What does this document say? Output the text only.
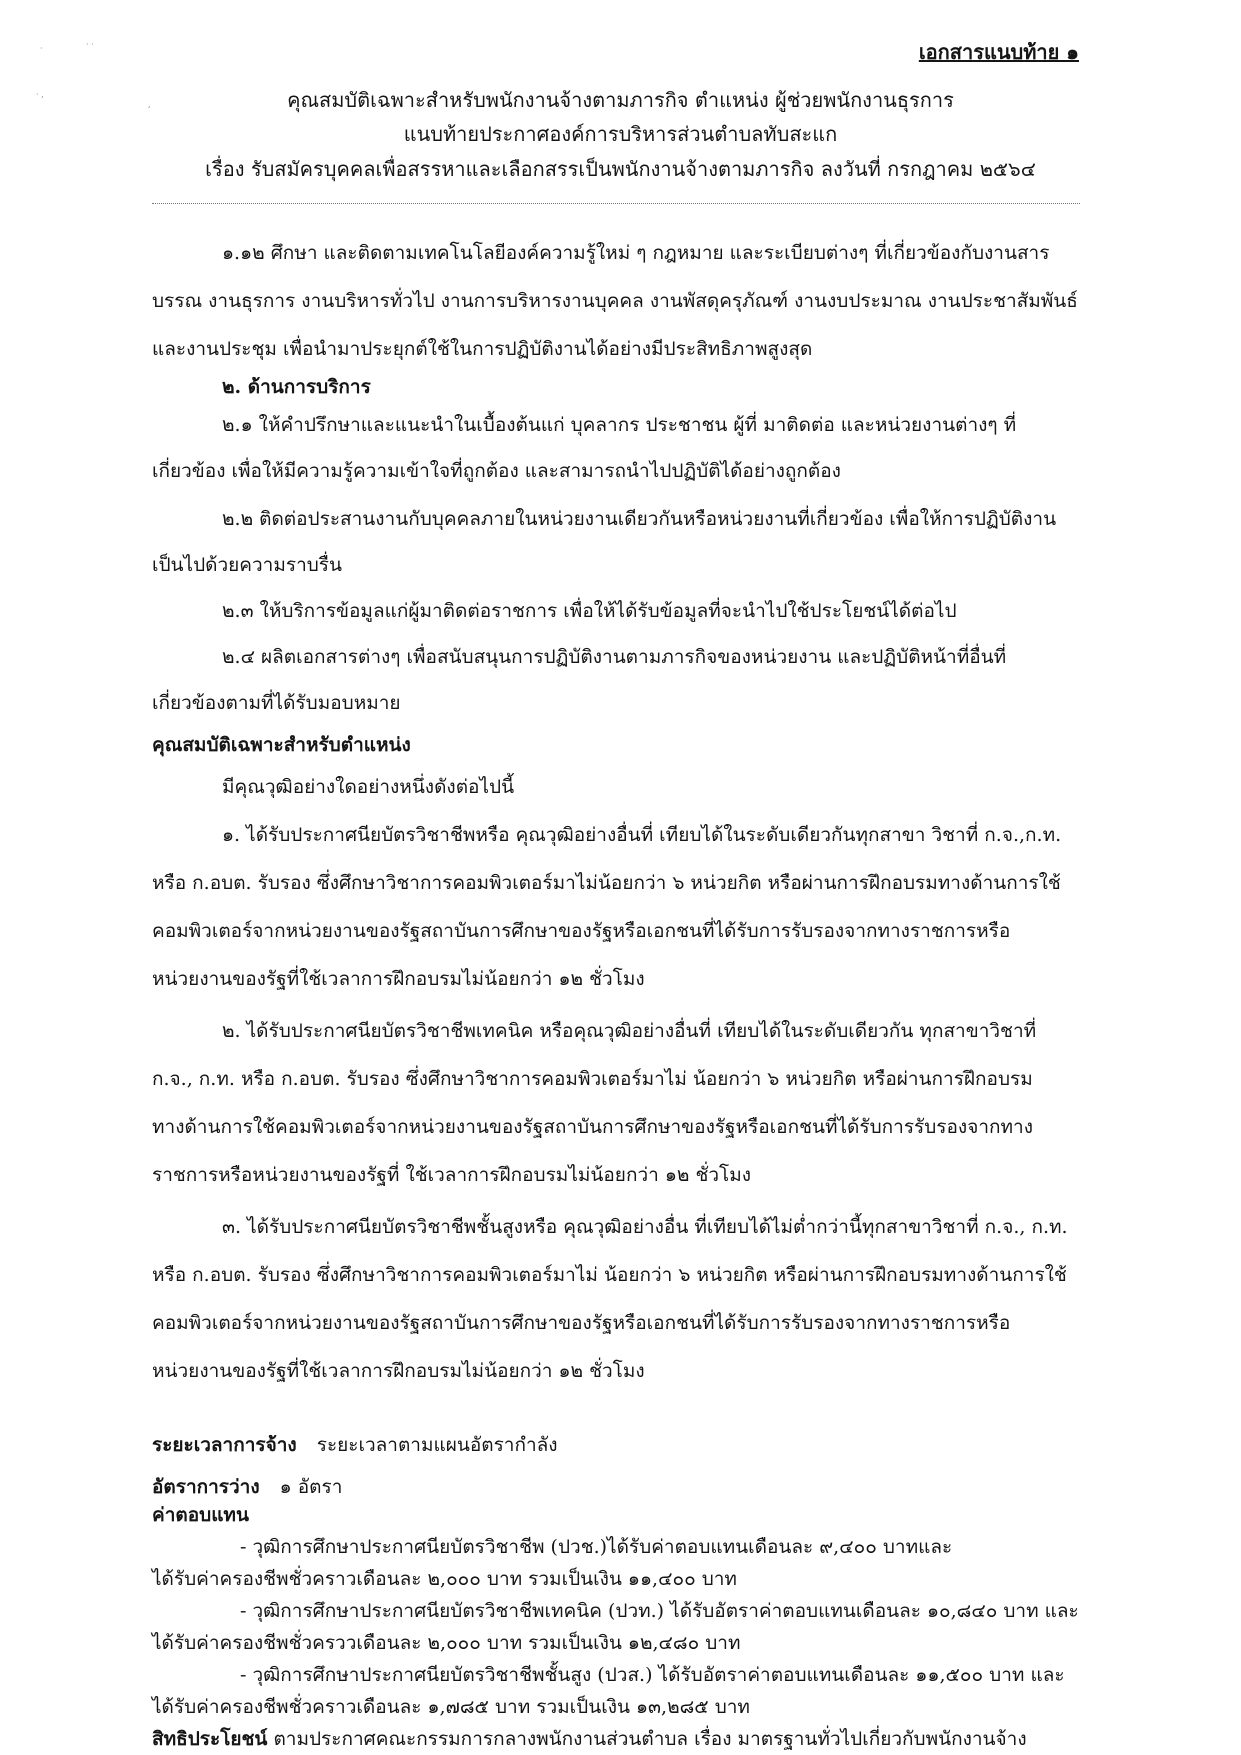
·	· ·
· ,
,
เอกสารแนบท้าย ๑
คุณสมบัติเฉพาะสำหรับพนักงานจ้างตามภารกิจ ตำแหน่ง ผู้ช่วยพนักงานธุรการ
แนบท้ายประกาศองค์การบริหารส่วนตำบลทับสะแก
เรื่อง รับสมัครบุคคลเพื่อสรรหาและเลือกสรรเป็นพนักงานจ้างตามภารกิจ ลงวันที่ กรกฎาคม ๒๕๖๔
๑.๑๒ ศึกษา และติดตามเทคโนโลยีองค์ความรู้ใหม่ ๆ กฎหมาย และระเบียบต่างๆ ที่เกี่ยวข้องกับงานสาร
บรรณ งานธุรการ งานบริหารทั่วไป งานการบริหารงานบุคคล งานพัสดุครุภัณฑ์ งานงบประมาณ งานประชาสัมพันธ์
และงานประชุม เพื่อนำมาประยุกต์ใช้ในการปฏิบัติงานได้อย่างมีประสิทธิภาพสูงสุด
๒. ด้านการบริการ
๒.๑ ให้คำปรึกษาและแนะนำในเบื้องต้นแก่ บุคลากร ประชาชน ผู้ที่ มาติดต่อ และหน่วยงานต่างๆ ที่
เกี่ยวข้อง เพื่อให้มีความรู้ความเข้าใจที่ถูกต้อง และสามารถนำไปปฏิบัติได้อย่างถูกต้อง
๒.๒ ติดต่อประสานงานกับบุคคลภายในหน่วยงานเดียวกันหรือหน่วยงานที่เกี่ยวข้อง เพื่อให้การปฏิบัติงาน
เป็นไปด้วยความราบรื่น
๒.๓ ให้บริการข้อมูลแก่ผู้มาติดต่อราชการ เพื่อให้ได้รับข้อมูลที่จะนำไปใช้ประโยชน์ได้ต่อไป
๒.๔ ผลิตเอกสารต่างๆ เพื่อสนับสนุนการปฏิบัติงานตามภารกิจของหน่วยงาน และปฏิบัติหน้าที่อื่นที่
เกี่ยวข้องตามที่ได้รับมอบหมาย
คุณสมบัติเฉพาะสำหรับตำแหน่ง
มีคุณวุฒิอย่างใดอย่างหนึ่งดังต่อไปนี้
๑. ได้รับประกาศนียบัตรวิชาชีพหรือ คุณวุฒิอย่างอื่นที่ เทียบได้ในระดับเดียวกันทุกสาขา วิชาที่ ก.จ.,ก.ท.
หรือ ก.อบต. รับรอง ซึ่งศึกษาวิชาการคอมพิวเตอร์มาไม่น้อยกว่า ๖ หน่วยกิต หรือผ่านการฝึกอบรมทางด้านการใช้
คอมพิวเตอร์จากหน่วยงานของรัฐสถาบันการศึกษาของรัฐหรือเอกชนที่ได้รับการรับรองจากทางราชการหรือ
หน่วยงานของรัฐที่ใช้เวลาการฝึกอบรมไม่น้อยกว่า ๑๒ ชั่วโมง
๒. ได้รับประกาศนียบัตรวิชาชีพเทคนิค หรือคุณวุฒิอย่างอื่นที่ เทียบได้ในระดับเดียวกัน ทุกสาขาวิชาที่
ก.จ., ก.ท. หรือ ก.อบต. รับรอง ซึ่งศึกษาวิชาการคอมพิวเตอร์มาไม่ น้อยกว่า ๖ หน่วยกิต หรือผ่านการฝึกอบรม
ทางด้านการใช้คอมพิวเตอร์จากหน่วยงานของรัฐสถาบันการศึกษาของรัฐหรือเอกชนที่ได้รับการรับรองจากทาง
ราชการหรือหน่วยงานของรัฐที่ ใช้เวลาการฝึกอบรมไม่น้อยกว่า ๑๒ ชั่วโมง
๓. ได้รับประกาศนียบัตรวิชาชีพชั้นสูงหรือ คุณวุฒิอย่างอื่น ที่เทียบได้ไม่ต่ำกว่านี้ทุกสาขาวิชาที่ ก.จ., ก.ท.
หรือ ก.อบต. รับรอง ซึ่งศึกษาวิชาการคอมพิวเตอร์มาไม่ น้อยกว่า ๖ หน่วยกิต หรือผ่านการฝึกอบรมทางด้านการใช้
คอมพิวเตอร์จากหน่วยงานของรัฐสถาบันการศึกษาของรัฐหรือเอกชนที่ได้รับการรับรองจากทางราชการหรือ
หน่วยงานของรัฐที่ใช้เวลาการฝึกอบรมไม่น้อยกว่า ๑๒ ชั่วโมง
ระยะเวลาการจ้าง ระยะเวลาตามแผนอัตรากำลัง
อัตราการว่าง ๑ อัตรา
ค่าตอบแทน
- วุฒิการศึกษาประกาศนียบัตรวิชาชีพ (ปวช.)ได้รับค่าตอบแทนเดือนละ ๙,๔๐๐ บาทและ
ได้รับค่าครองชีพชั่วคราวเดือนละ ๒,๐๐๐ บาท รวมเป็นเงิน ๑๑,๔๐๐ บาท
- วุฒิการศึกษาประกาศนียบัตรวิชาชีพเทคนิค (ปวท.) ได้รับอัตราค่าตอบแทนเดือนละ ๑๐,๘๔๐ บาท และ
ได้รับค่าครองชีพชั่วครววเดือนละ ๒,๐๐๐ บาท รวมเป็นเงิน ๑๒,๔๘๐ บาท
- วุฒิการศึกษาประกาศนียบัตรวิชาชีพชั้นสูง (ปวส.) ได้รับอัตราค่าตอบแทนเดือนละ ๑๑,๕๐๐ บาท และ
ได้รับค่าครองชีพชั่วคราวเดือนละ ๑,๗๘๕ บาท รวมเป็นเงิน ๑๓,๒๘๕ บาท
สิทธิประโยชน์ ตามประกาศคณะกรรมการกลางพนักงานส่วนตำบล เรื่อง มาตรฐานทั่วไปเกี่ยวกับพนักงานจ้าง
